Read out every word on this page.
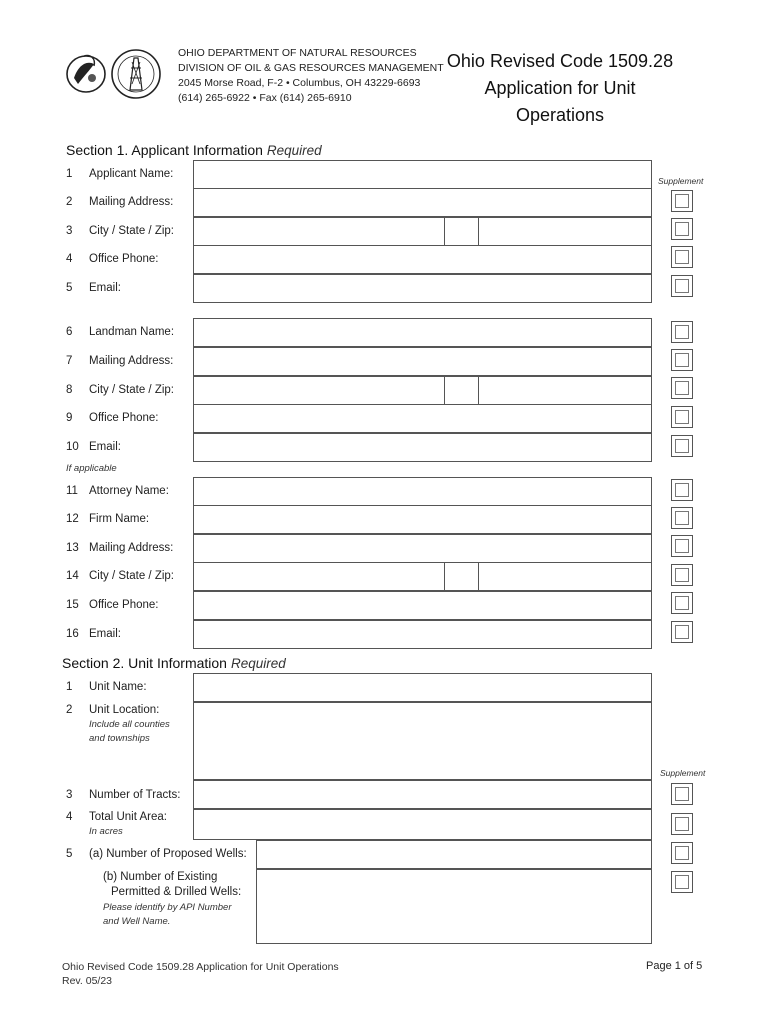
OHIO DEPARTMENT OF NATURAL RESOURCES
DIVISION OF OIL & GAS RESOURCES MANAGEMENT
2045 Morse Road, F-2 • Columbus, OH 43229-6693
(614) 265-6922 • Fax (614) 265-6910
Ohio Revised Code 1509.28
Application for Unit
Operations
Section 1. Applicant Information Required
Supplement
1 Applicant Name:
2 Mailing Address:
3 City / State / Zip:
4 Office Phone:
5 Email:
6 Landman Name:
7 Mailing Address:
8 City / State / Zip:
9 Office Phone:
10 Email:
11 Attorney Name:
12 Firm Name:
13 Mailing Address:
14 City / State / Zip:
15 Office Phone:
16 Email:
If applicable
Section 2. Unit Information Required
1 Unit Name:
2 Unit Location:
Include all counties
and townships
Supplement
3 Number of Tracts:
4 Total Unit Area:
In acres
5 (a) Number of Proposed Wells:
(b) Number of Existing
Permitted & Drilled Wells:
Please identify by API Number
and Well Name.
Ohio Revised Code 1509.28 Application for Unit Operations
Rev. 05/23
Page 1 of 5
